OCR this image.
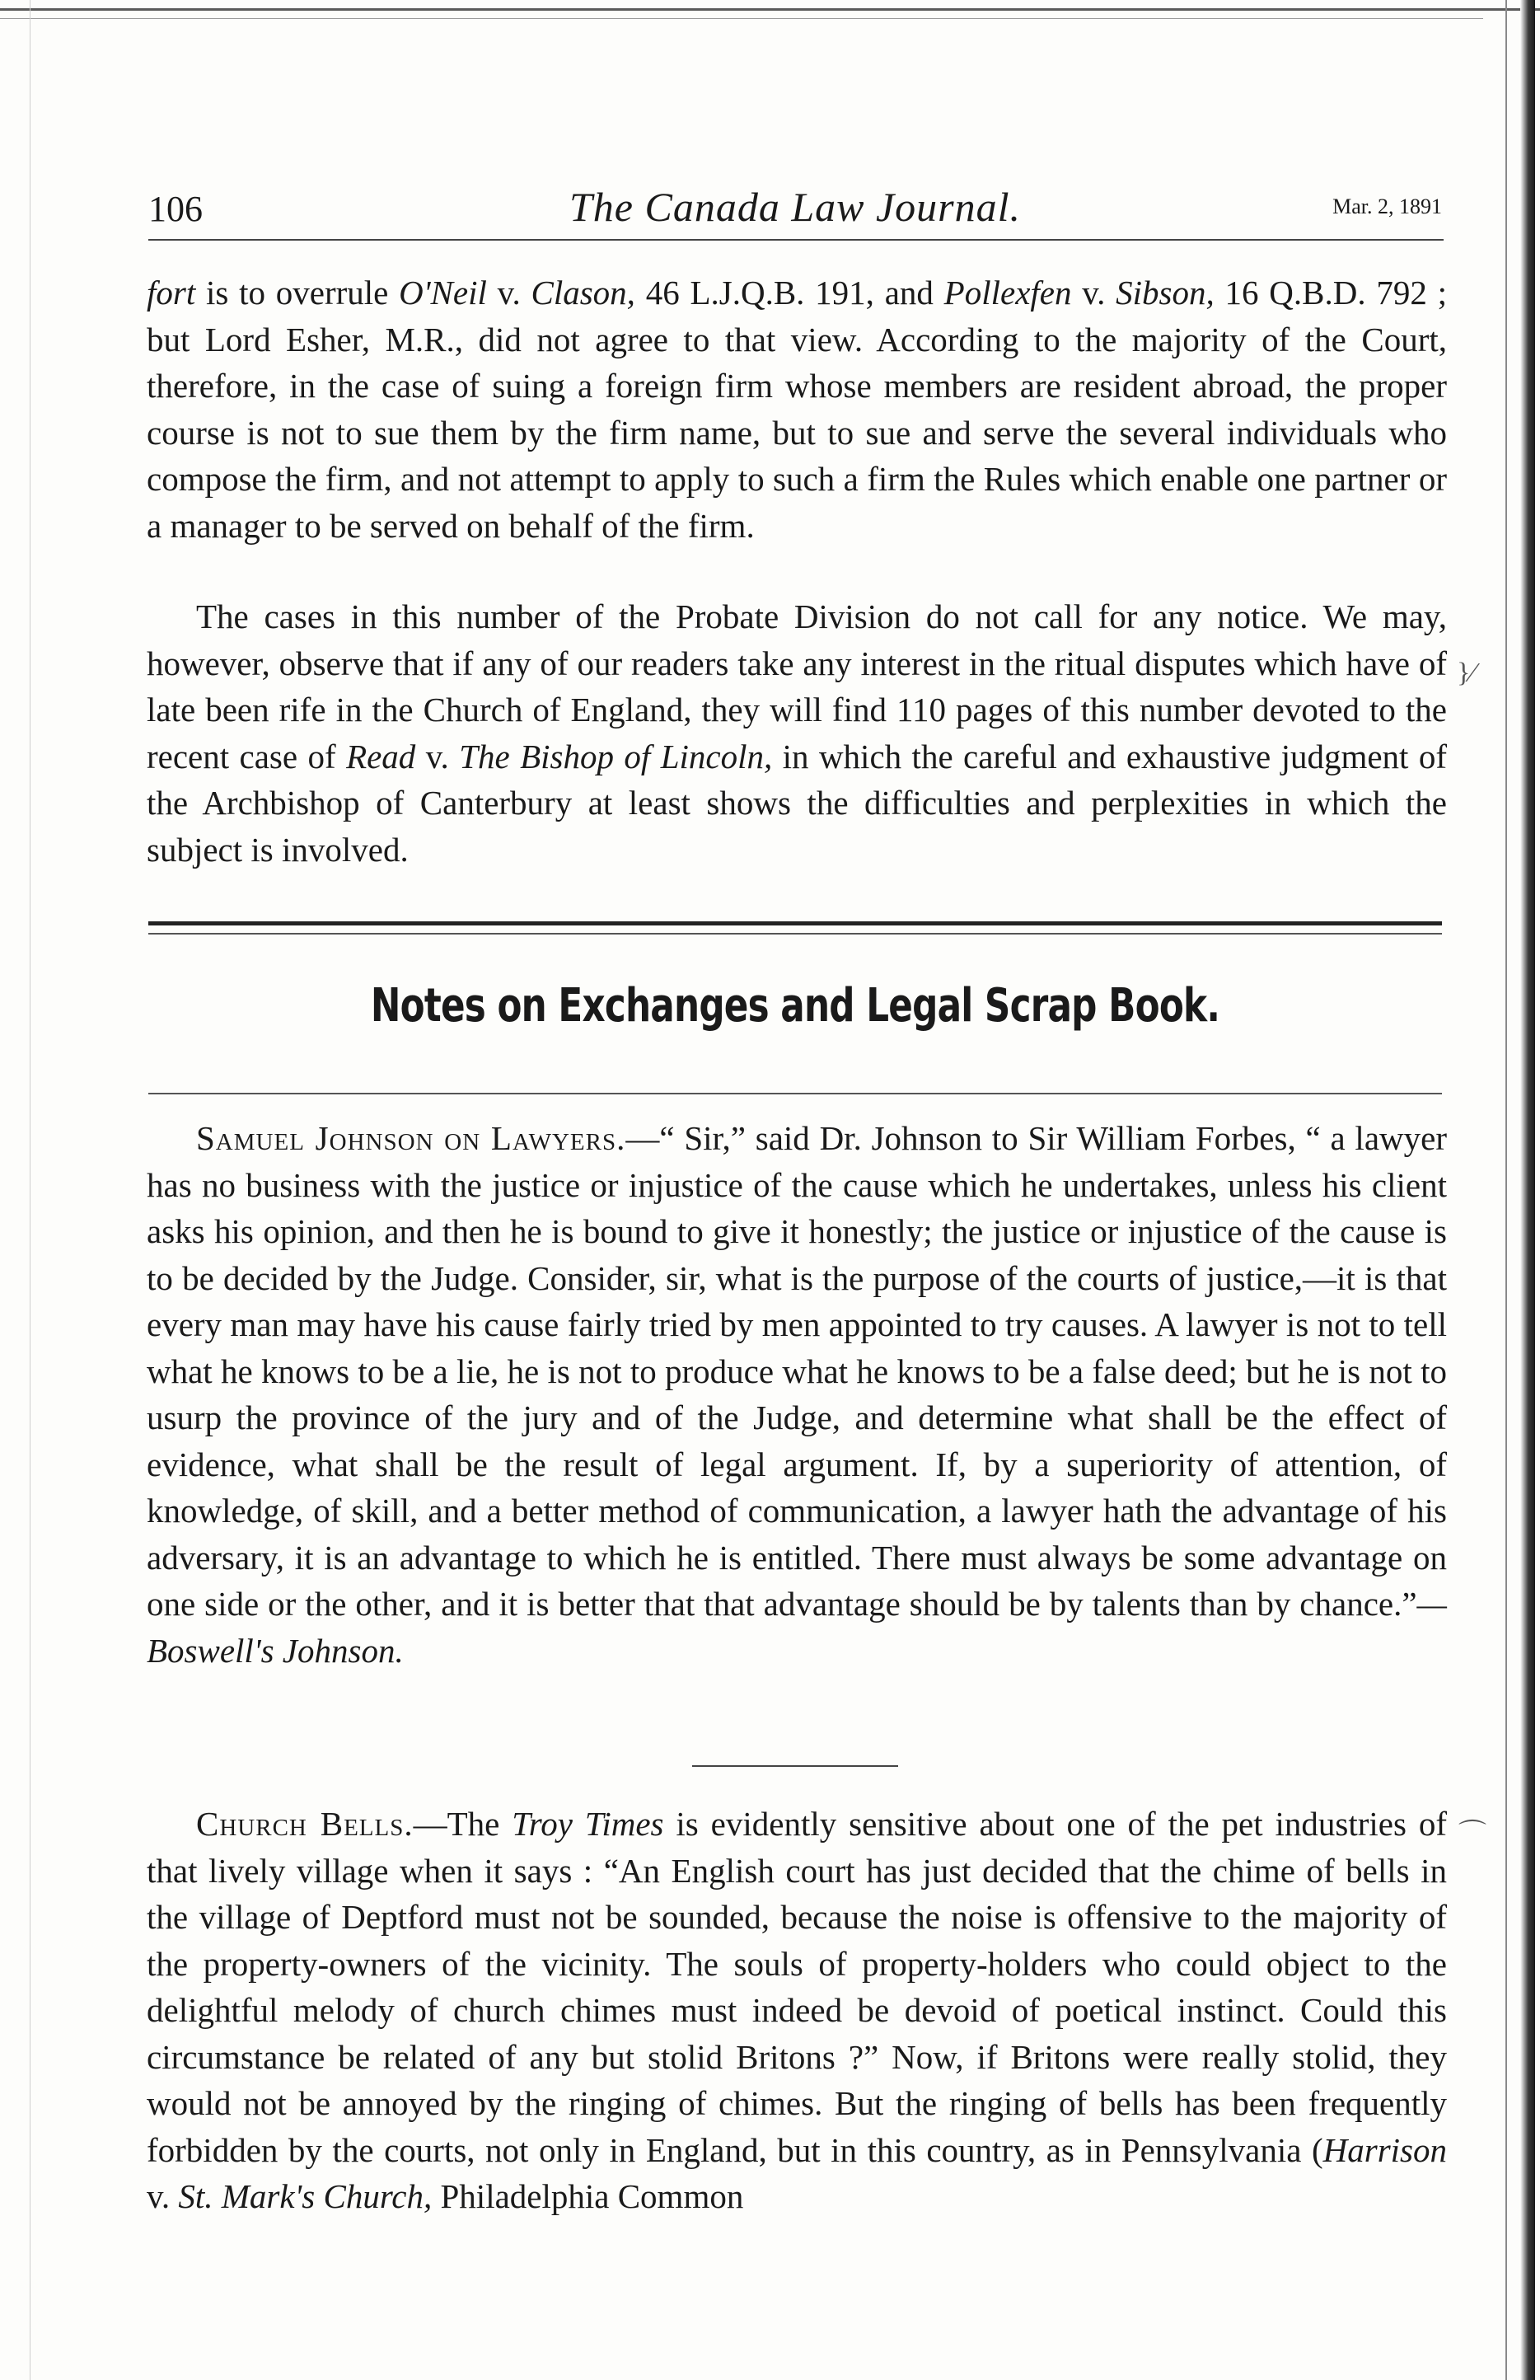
106	The Canada Law Journal.	Mar. 2, 1891

fort is to overrule O'Neil v. Clason, 46 L.J.Q.B. 191, and Pollexfen v. Sibson, 16 Q.B.D. 792 ; but Lord Esher, M.R., did not agree to that view. According to the majority of the Court, therefore, in the case of suing a foreign firm whose members are resident abroad, the proper course is not to sue them by the firm name, but to sue and serve the several individuals who compose the firm, and not attempt to apply to such a firm the Rules which enable one partner or a manager to be served on behalf of the firm.

The cases in this number of the Probate Division do not call for any notice. We may, however, observe that if any of our readers take any interest in the ritual disputes which have of late been rife in the Church of England, they will find 110 pages of this number devoted to the recent case of Read v. The Bishop of Lincoln, in which the careful and exhaustive judgment of the Archbishop of Canterbury at least shows the difficulties and perplexities in which the subject is involved.

}⁄
Notes on Exchanges and Legal Scrap Book.

Samuel Johnson on Lawyers.—“ Sir,” said Dr. Johnson to Sir William Forbes, “ a lawyer has no business with the justice or injustice of the cause which he undertakes, unless his client asks his opinion, and then he is bound to give it honestly; the justice or injustice of the cause is to be decided by the Judge. Consider, sir, what is the purpose of the courts of justice,—it is that every man may have his cause fairly tried by men appointed to try causes. A lawyer is not to tell what he knows to be a lie, he is not to produce what he knows to be a false deed; but he is not to usurp the province of the jury and of the Judge, and determine what shall be the effect of evidence, what shall be the result of legal argument. If, by a superiority of attention, of knowledge, of skill, and a better method of communication, a lawyer hath the advantage of his adversary, it is an advantage to which he is entitled. There must always be some advantage on one side or the other, and it is better that that advantage should be by talents than by chance.”—Boswell's Johnson.

Church Bells.—The Troy Times is evidently sensitive about one of the pet industries of that lively village when it says : “An English court has just decided that the chime of bells in the village of Deptford must not be sounded, because the noise is offensive to the majority of the property-owners of the vicinity. The souls of property-holders who could object to the delightful melody of church chimes must indeed be devoid of poetical instinct. Could this circumstance be related of any but stolid Britons ?” Now, if Britons were really stolid, they would not be annoyed by the ringing of chimes. But the ringing of bells has been frequently forbidden by the courts, not only in England, but in this country, as in Pennsylvania (Harrison v. St. Mark's Church, Philadelphia Common

⌒
